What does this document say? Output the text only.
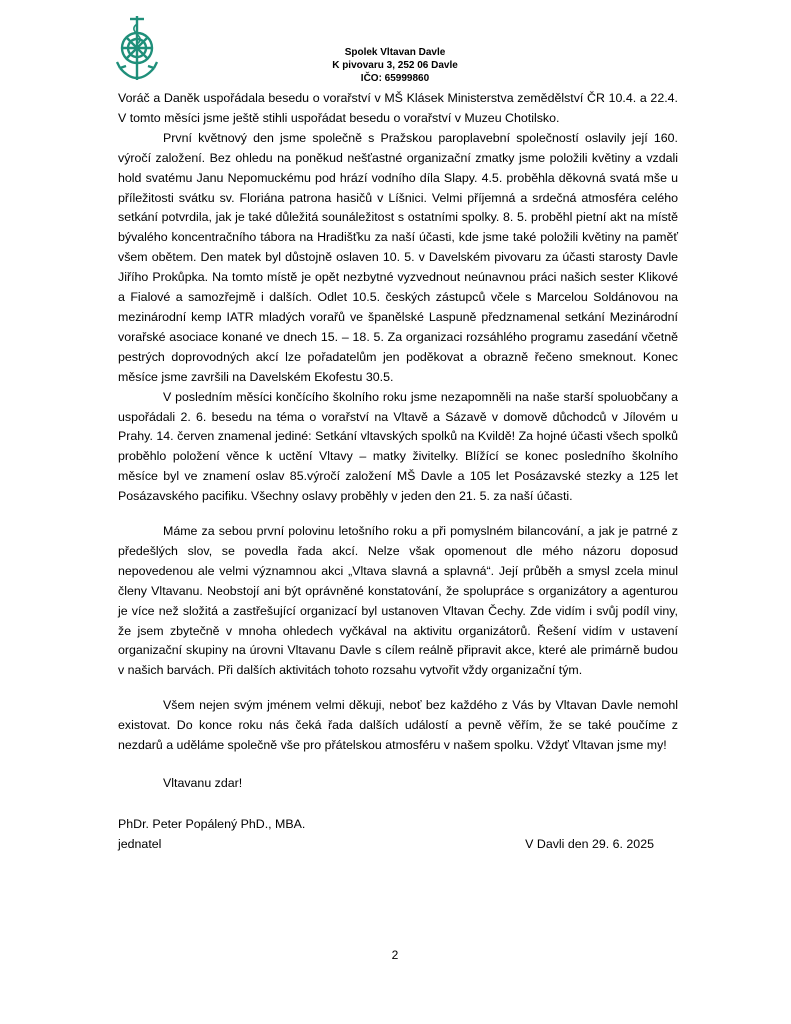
Spolek Vltavan Davle
K pivovaru 3, 252 06 Davle
IČO: 65999860

Voráč a Daněk uspořádala besedu o vorařství v MŠ Klásek Ministerstva zemědělství ČR 10.4. a 22.4. V tomto měsíci jsme ještě stihli uspořádat besedu o vorařství v Muzeu Chotilsko.

První květnový den jsme společně s Pražskou paroplavební společností oslavily její 160. výročí založení. Bez ohledu na poněkud nešťastné organizační zmatky jsme položili květiny a vzdali hold svatému Janu Nepomuckému pod hrází vodního díla Slapy. 4.5. proběhla děkovná svatá mše u příležitosti svátku sv. Floriána patrona hasičů v Líšnici. Velmi příjemná a srdečná atmosféra celého setkání potvrdila, jak je také důležitá sounáležitost s ostatními spolky. 8. 5. proběhl pietní akt na místě bývalého koncentračního tábora na Hradišťku za naší účasti, kde jsme také položili květiny na paměť všem obětem. Den matek byl důstojně oslaven 10. 5. v Davelském pivovaru za účasti starosty Davle Jiřího Prokůpka. Na tomto místě je opět nezbytné vyzvednout neúnavnou práci našich sester Klikové a Fialové a samozřejmě i dalších. Odlet 10.5. českých zástupců včele s Marcelou Soldánovou na mezinárodní kemp IATR mladých vorařů ve španělské Laspuně předznamenal setkání Mezinárodní vorařské asociace konané ve dnech 15. – 18. 5. Za organizaci rozsáhlého programu zasedání včetně pestrých doprovodných akcí lze pořadatelům jen poděkovat a obrazně řečeno smeknout. Konec měsíce jsme završili na Davelském Ekofestu 30.5.

V posledním měsíci končícího školního roku jsme nezapomněli na naše starší spoluobčany a uspořádali 2. 6. besedu na téma o vorařství na Vltavě a Sázavě v domově důchodců v Jílovém u Prahy. 14. červen znamenal jediné: Setkání vltavských spolků na Kvildě! Za hojné účasti všech spolků proběhlo položení věnce k uctění Vltavy – matky živitelky. Blížící se konec posledního školního měsíce byl ve znamení oslav 85.výročí založení MŠ Davle a 105 let Posázavské stezky a 125 let Posázavského pacifiku. Všechny oslavy proběhly v jeden den 21. 5. za naší účasti.

Máme za sebou první polovinu letošního roku a při pomyslném bilancování, a jak je patrné z předešlých slov, se povedla řada akcí. Nelze však opomenout dle mého názoru doposud nepovedenou ale velmi významnou akci „Vltava slavná a splavná“. Její průběh a smysl zcela minul členy Vltavanu. Neobstojí ani být oprávněné konstatování, že spolupráce s organizátory a agenturou je více než složitá a zastřešující organizací byl ustanoven Vltavan Čechy. Zde vidím i svůj podíl viny, že jsem zbytečně v mnoha ohledech vyčkával na aktivitu organizátorů. Řešení vidím v ustavení organizační skupiny na úrovni Vltavanu Davle s cílem reálně připravit akce, které ale primárně budou v našich barvách. Při dalších aktivitách tohoto rozsahu vytvořit vždy organizační tým.

Všem nejen svým jménem velmi děkuji, neboť bez každého z Vás by Vltavan Davle nemohl existovat. Do konce roku nás čeká řada dalších událostí a pevně věřím, že se také poučíme z nezdarů a uděláme společně vše pro přátelskou atmosféru v našem spolku. Vždyť Vltavan jsme my!

Vltavanu zdar!

PhDr. Peter Popálený PhD., MBA.
jednatel	V Davli den 29. 6. 2025
2
